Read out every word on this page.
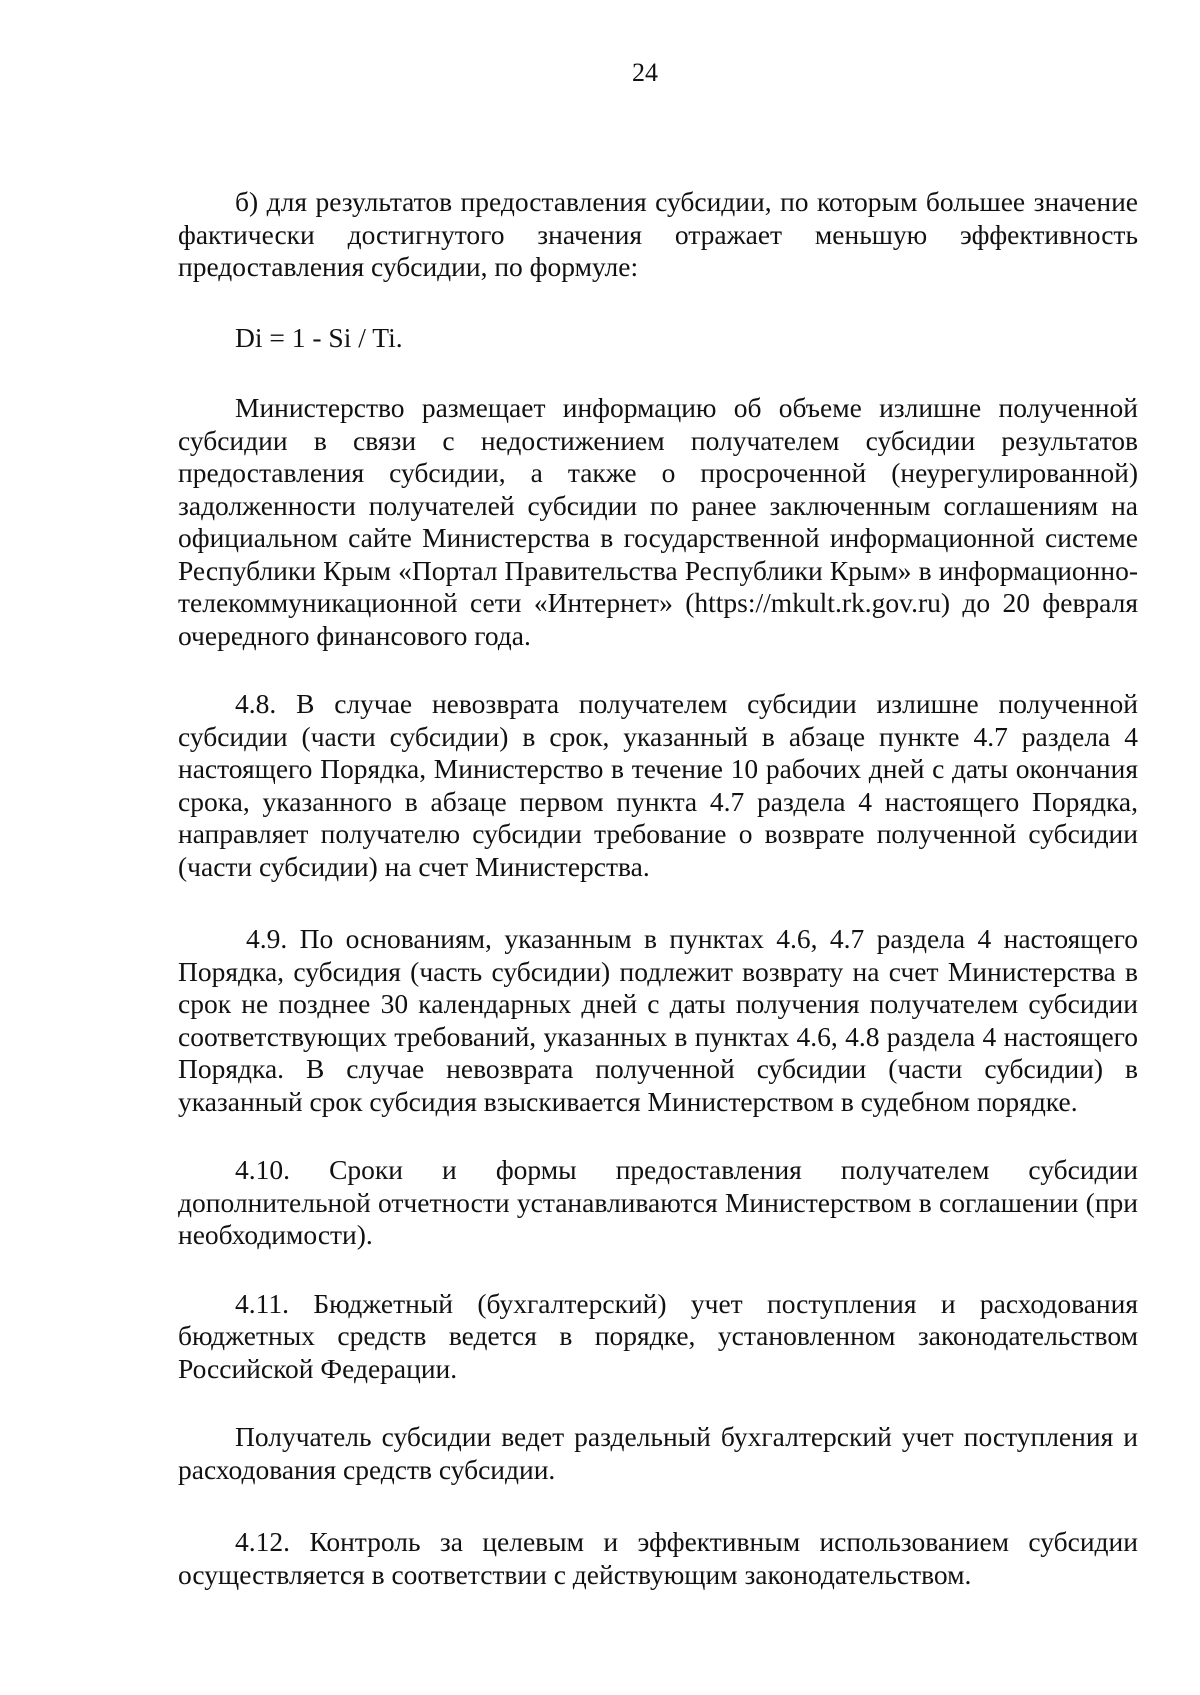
24

б) для результатов предоставления субсидии, по которым большее значение фактически достигнутого значения отражает меньшую эффективность предоставления субсидии, по формуле:

Di = 1 - Si / Ti.

Министерство размещает информацию об объеме излишне полученной субсидии в связи с недостижением получателем субсидии результатов предоставления субсидии, а также о просроченной (неурегулированной) задолженности получателей субсидии по ранее заключенным соглашениям на официальном сайте Министерства в государственной информационной системе Республики Крым «Портал Правительства Республики Крым» в информационно-телекоммуникационной сети «Интернет» (https://mkult.rk.gov.ru) до 20 февраля очередного финансового года.

4.8. В случае невозврата получателем субсидии излишне полученной субсидии (части субсидии) в срок, указанный в абзаце пункте 4.7 раздела 4 настоящего Порядка, Министерство в течение 10 рабочих дней с даты окончания срока, указанного в абзаце первом пункта 4.7 раздела 4 настоящего Порядка, направляет получателю субсидии требование о возврате полученной субсидии (части субсидии) на счет Министерства.

4.9. По основаниям, указанным в пунктах 4.6, 4.7 раздела 4 настоящего Порядка, субсидия (часть субсидии) подлежит возврату на счет Министерства в срок не позднее 30 календарных дней с даты получения получателем субсидии соответствующих требований, указанных в пунктах 4.6, 4.8 раздела 4 настоящего Порядка. В случае невозврата полученной субсидии (части субсидии) в указанный срок субсидия взыскивается Министерством в судебном порядке.

4.10. Сроки и формы предоставления получателем субсидии дополнительной отчетности устанавливаются Министерством в соглашении (при необходимости).

4.11. Бюджетный (бухгалтерский) учет поступления и расходования бюджетных средств ведется в порядке, установленном законодательством Российской Федерации.

Получатель субсидии ведет раздельный бухгалтерский учет поступления и расходования средств субсидии.

4.12. Контроль за целевым и эффективным использованием субсидии осуществляется в соответствии с действующим законодательством.
